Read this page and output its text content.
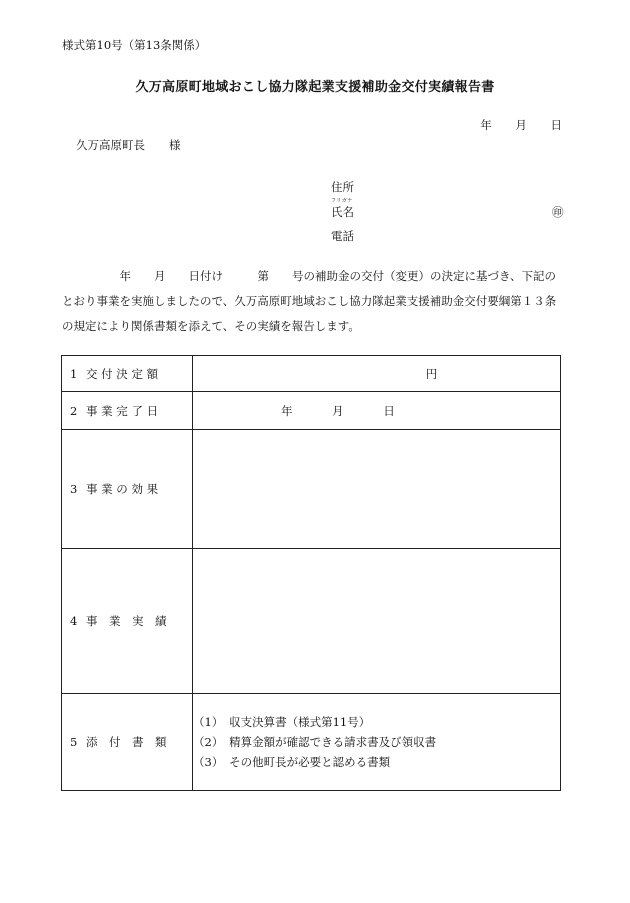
様式第10号（第13条関係）
久万高原町地域おこし協力隊起業支援補助金交付実績報告書
年 月 日
久万高原町長 様
住所
フリガナ
氏名	㊞
電話
　　　　　年　　月　　日付け　　　第　　号の補助金の交付（変更）の決定に基づき、下記の
とおり事業を実施しましたので、久万高原町地域おこし協力隊起業支援補助金交付要綱第１３条
の規定により関係書類を添えて、その実績を報告します。
1 交 付 決 定 額	円
2 事 業 完 了 日	年 月 日
3 事 業 の 効 果	
4 事　業　実　績	
5 添　付　書　類	（1）　収支決算書（様式第11号）
（2）　精算金額が確認できる請求書及び領収書
（3）　その他町長が必要と認める書類
